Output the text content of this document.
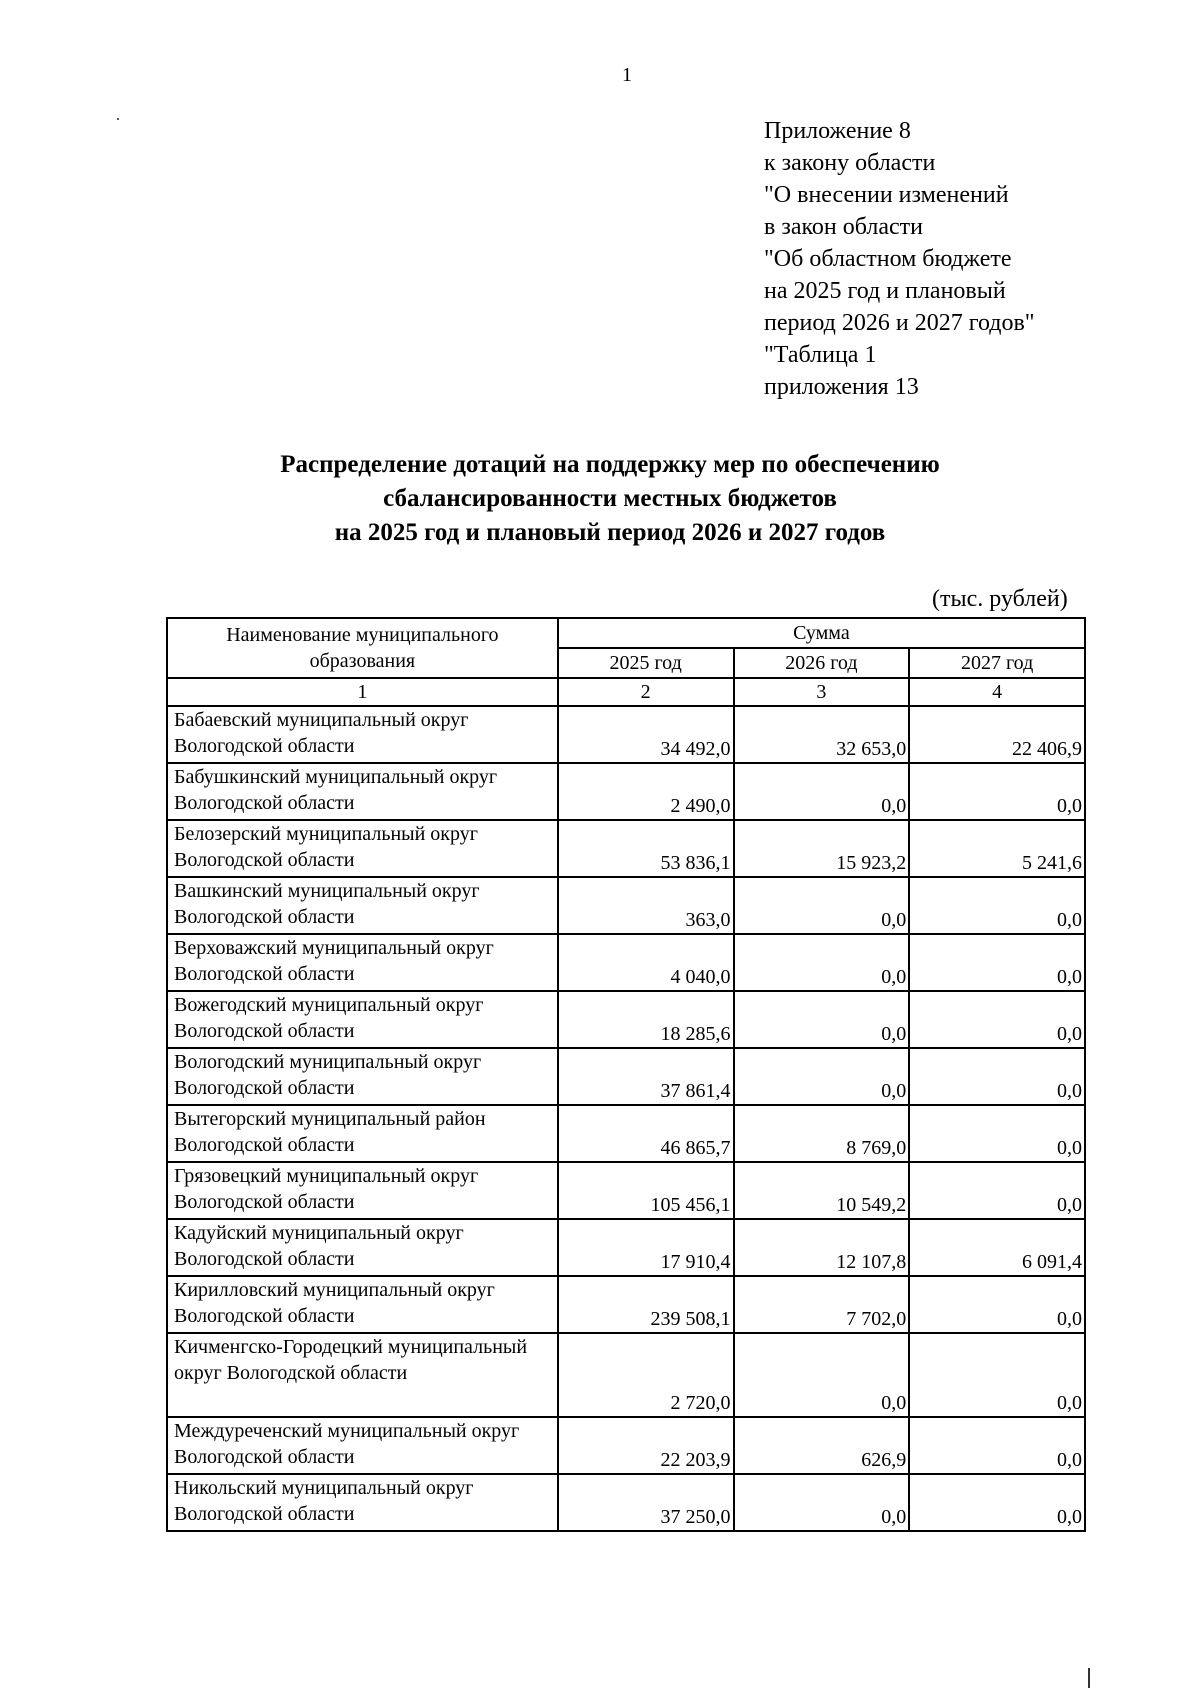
1
Приложение 8
к закону области
"О внесении изменений
в закон области
"Об областном бюджете
на 2025 год и плановый
период 2026 и 2027 годов"
"Таблица 1
приложения 13
Распределение дотаций на поддержку мер по обеспечению
сбалансированности местных бюджетов
на 2025 год и плановый период 2026 и 2027 годов
(тыс. рублей)
Наименование муниципального образования	Сумма		
	2025 год	2026 год	2027 год
1	2	3	4
Бабаевский муниципальный округ Вологодской области	34 492,0	32 653,0	22 406,9
Бабушкинский муниципальный округ Вологодской области	2 490,0	0,0	0,0
Белозерский муниципальный округ Вологодской области	53 836,1	15 923,2	5 241,6
Вашкинский муниципальный округ Вологодской области	363,0	0,0	0,0
Верховажский муниципальный округ Вологодской области	4 040,0	0,0	0,0
Вожегодский муниципальный округ Вологодской области	18 285,6	0,0	0,0
Вологодский муниципальный округ Вологодской области	37 861,4	0,0	0,0
Вытегорский муниципальный район Вологодской области	46 865,7	8 769,0	0,0
Грязовецкий муниципальный округ Вологодской области	105 456,1	10 549,2	0,0
Кадуйский муниципальный округ Вологодской области	17 910,4	12 107,8	6 091,4
Кирилловский муниципальный округ Вологодской области	239 508,1	7 702,0	0,0
Кичменгско-Городецкий муниципальный округ Вологодской области	2 720,0	0,0	0,0
Междуреченский муниципальный округ Вологодской области	22 203,9	626,9	0,0
Никольский муниципальный округ Вологодской области	37 250,0	0,0	0,0
